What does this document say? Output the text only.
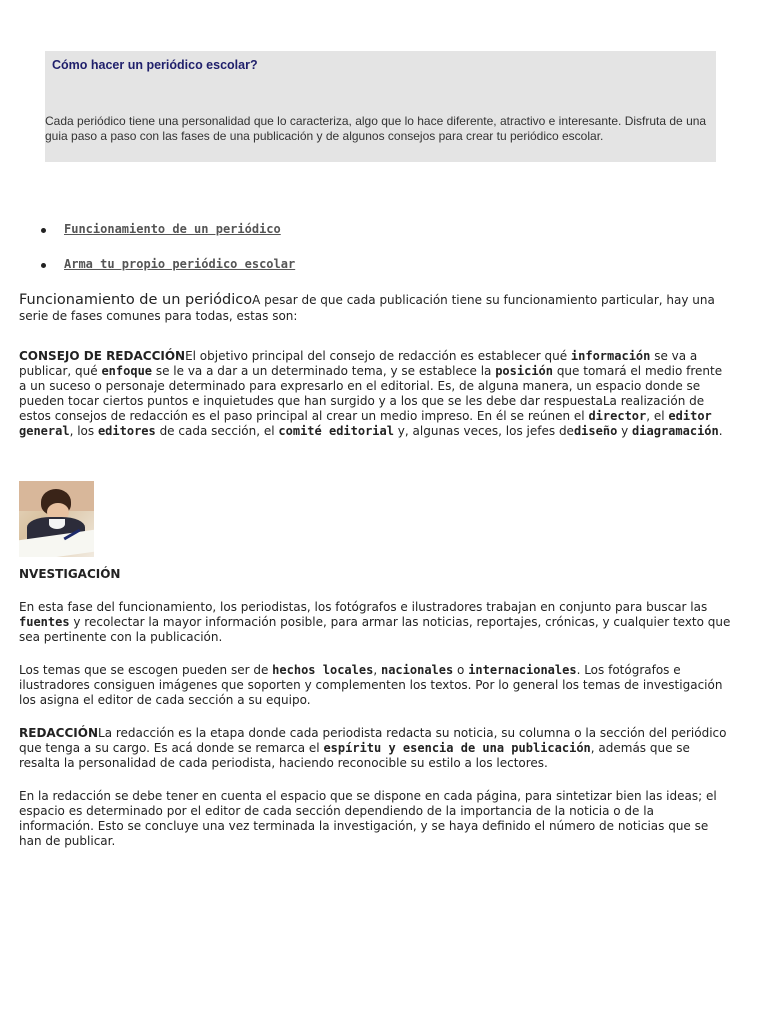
Cómo hacer un periódico escolar?

Cada periódico tiene una personalidad que lo caracteriza, algo que lo hace diferente, atractivo e interesante. Disfruta de una guia paso a paso con las fases de una publicación y de algunos consejos para crear tu periódico escolar.

Funcionamiento de un periódico
Arma tu propio periódico escolar

Funcionamiento de un periódicoA pesar de que cada publicación tiene su funcionamiento particular, hay una serie de fases comunes para todas, estas son:

CONSEJO DE REDACCIÓNEl objetivo principal del consejo de redacción es establecer qué información se va a publicar, qué enfoque se le va a dar a un determinado tema, y se establece la posición que tomará el medio frente a un suceso o personaje determinado para expresarlo en el editorial. Es, de alguna manera, un espacio donde se pueden tocar ciertos puntos e inquietudes que han surgido y a los que se les debe dar respuestaLa realización de estos consejos de redacción es el paso principal al crear un medio impreso. En él se reúnen el director, el editor general, los editores de cada sección, el comité editorial y, algunas veces, los jefes dediseño y diagramación.

NVESTIGACIÓN

En esta fase del funcionamiento, los periodistas, los fotógrafos e ilustradores trabajan en conjunto para buscar las fuentes y recolectar la mayor información posible, para armar las noticias, reportajes, crónicas, y cualquier texto que sea pertinente con la publicación.

Los temas que se escogen pueden ser de hechos locales, nacionales o internacionales. Los fotógrafos e ilustradores consiguen imágenes que soporten y complementen los textos. Por lo general los temas de investigación los asigna el editor de cada sección a su equipo.

REDACCIÓNLa redacción es la etapa donde cada periodista redacta su noticia, su columna o la sección del periódico que tenga a su cargo. Es acá donde se remarca el espíritu y esencia de una publicación, además que se resalta la personalidad de cada periodista, haciendo reconocible su estilo a los lectores.

En la redacción se debe tener en cuenta el espacio que se dispone en cada página, para sintetizar bien las ideas; el espacio es determinado por el editor de cada sección dependiendo de la importancia de la noticia o de la información. Esto se concluye una vez terminada la investigación, y se haya definido el número de noticias que se han de publicar.
